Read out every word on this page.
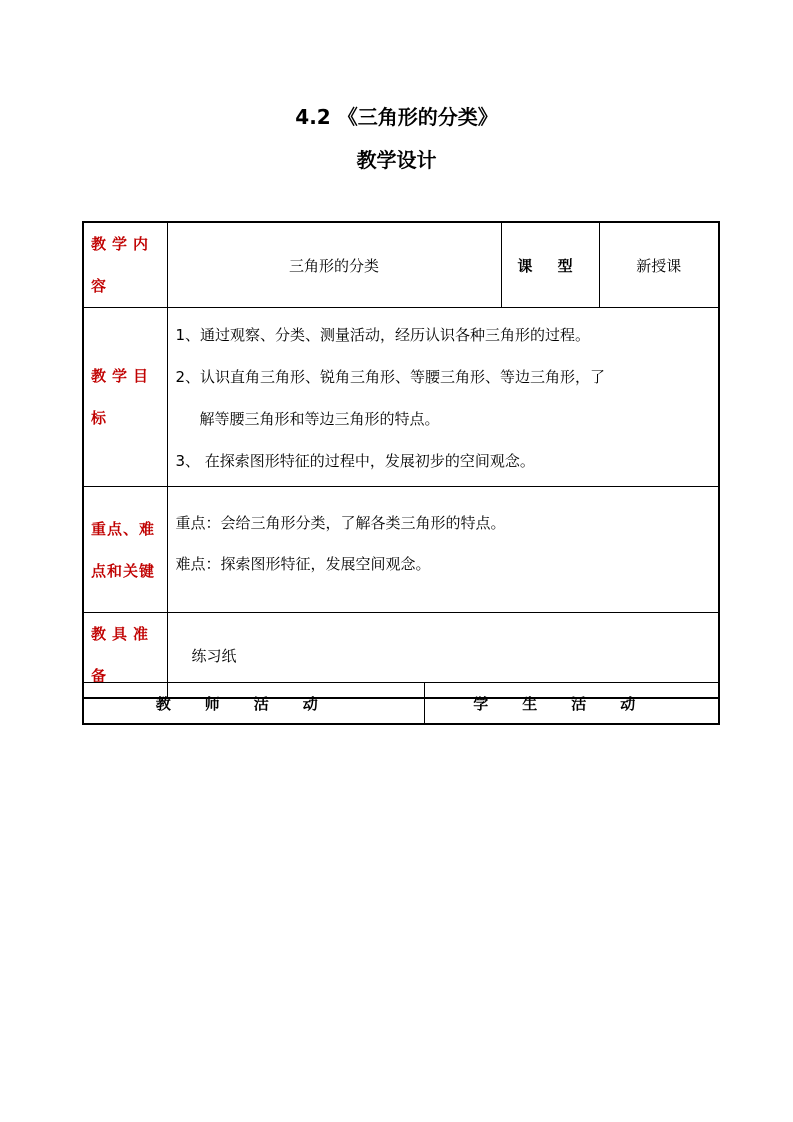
4.2 《三角形的分类》
教学设计
教学内容	三角形的分类	课 型	新授课
教学目标	1、通过观察、分类、测量活动，经历认识各种三角形的过程。
2、认识直角三角形、锐角三角形、等腰三角形、等边三角形，了
解等腰三角形和等边三角形的特点。
3、 在探索图形特征的过程中，发展初步的空间观念。		

重点、难点和关键	重点：会给三角形分类，了解各类三角形的特点。
难点：探索图形特征，发展空间观念。		

教具准备	练习纸		
教师活动	学生活动
